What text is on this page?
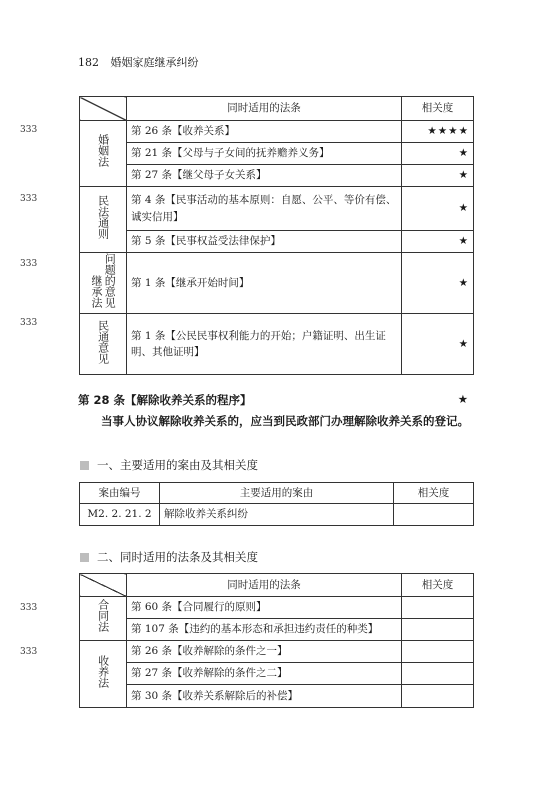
182 婚姻家庭继承纠纷
333
333
333
333
333
333
	同时适用的法条	相关度
婚姻法	第 26 条【收养关系】	★★★★
	第 21 条【父母与子女间的抚养赡养义务】	★
	第 27 条【继父母子女关系】	★
民法通则	第 4 条【民事活动的基本原则：自愿、公平、等价有偿、诚实信用】	★
	第 5 条【民事权益受法律保护】	★
继承法问题的意见	第 1 条【继承开始时间】	★
民通意见	第 1 条【公民民事权利能力的开始；户籍证明、出生证明、其他证明】	★
第 28 条【解除收养关系的程序】	★
当事人协议解除收养关系的，应当到民政部门办理解除收养关系的登记。
一、主要适用的案由及其相关度
案由编号	主要适用的案由	相关度
M2. 2. 21. 2	解除收养关系纠纷	
二、同时适用的法条及其相关度
	同时适用的法条	相关度
合同法	第 60 条【合同履行的原则】	
	第 107 条【违约的基本形态和承担违约责任的种类】	
收养法	第 26 条【收养解除的条件之一】	
	第 27 条【收养解除的条件之二】	
	第 30 条【收养关系解除后的补偿】	
